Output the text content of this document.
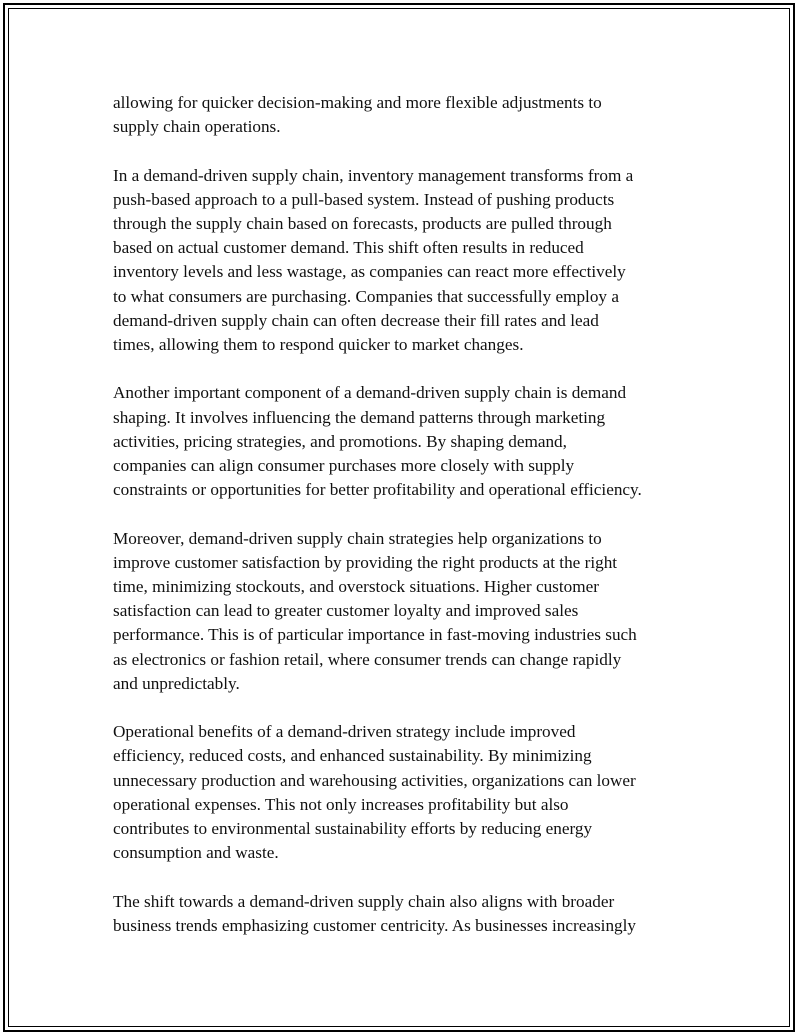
allowing for quicker decision-making and more flexible adjustments to
supply chain operations.

In a demand-driven supply chain, inventory management transforms from a
push-based approach to a pull-based system. Instead of pushing products
through the supply chain based on forecasts, products are pulled through
based on actual customer demand. This shift often results in reduced
inventory levels and less wastage, as companies can react more effectively
to what consumers are purchasing. Companies that successfully employ a
demand-driven supply chain can often decrease their fill rates and lead
times, allowing them to respond quicker to market changes.

Another important component of a demand-driven supply chain is demand
shaping. It involves influencing the demand patterns through marketing
activities, pricing strategies, and promotions. By shaping demand,
companies can align consumer purchases more closely with supply
constraints or opportunities for better profitability and operational efficiency.

Moreover, demand-driven supply chain strategies help organizations to
improve customer satisfaction by providing the right products at the right
time, minimizing stockouts, and overstock situations. Higher customer
satisfaction can lead to greater customer loyalty and improved sales
performance. This is of particular importance in fast-moving industries such
as electronics or fashion retail, where consumer trends can change rapidly
and unpredictably.

Operational benefits of a demand-driven strategy include improved
efficiency, reduced costs, and enhanced sustainability. By minimizing
unnecessary production and warehousing activities, organizations can lower
operational expenses. This not only increases profitability but also
contributes to environmental sustainability efforts by reducing energy
consumption and waste.

The shift towards a demand-driven supply chain also aligns with broader
business trends emphasizing customer centricity. As businesses increasingly
